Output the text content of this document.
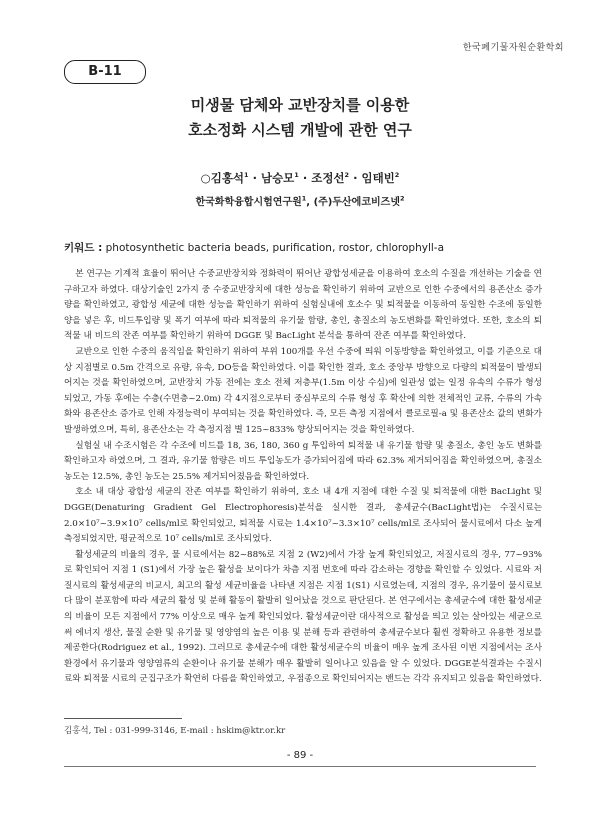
한국폐기물자원순환학회
B-11
미생물 담체와 교반장치를 이용한
호소정화 시스템 개발에 관한 연구
○김홍석$^1$ · 남승모$^1$ · 조정선$^2$ · 임태빈$^2$
한국화학융합시험연구원$^1$, (주)두산에코비즈넷$^2$
키워드 : photosynthetic bacteria beads, purification, rostor, chlorophyll-a

본 연구는 기계적 효율이 뛰어난 수중교반장치와 정화력이 뛰어난 광합성세균을 이용하여 호소의 수질을 개선하는 기술을 연구하고자 하였다. 대상기술인 2가지 중 수중교반장치에 대한 성능을 확인하기 위하여 교반으로 인한 수중에서의 용존산소 증가량을 확인하였고, 광합성 세균에 대한 성능을 확인하기 위하여 실험실내에 호소수 및 퇴적물을 이동하여 동일한 수조에 동일한 양을 넣은 후, 비드투입량 및 폭기 여부에 따라 퇴적물의 유기물 함량, 총인, 총질소의 농도변화를 확인하였다. 또한, 호소의 퇴적물 내 비드의 잔존 여부를 확인하기 위하여 DGGE 및 BacLight 분석을 통하여 잔존 여부를 확인하였다.

교반으로 인한 수중의 움직임을 확인하기 위하여 부위 100개를 우선 수중에 띄워 이동방향을 확인하였고, 이를 기준으로 대상 지점별로 0.5m 간격으로 유량, 유속, DO등을 확인하였다. 이를 확인한 결과, 호소 중앙부 방향으로 다량의 퇴적물이 발생되어지는 것을 확인하였으며, 교반장치 가동 전에는 호소 전체 저층부(1.5m 이상 수심)에 일관성 없는 일정 유속의 수류가 형성되었고, 가동 후에는 수층(수면층~2.0m) 각 4지점으로부터 중심부로의 수류 형성 후 확산에 의한 전체적인 교류, 수류의 가속화와 용존산소 증가로 인해 자정능력이 부여되는 것을 확인하였다. 즉, 모든 측정 지점에서 클로로필-a 및 용존산소 값의 변화가 발생하였으며, 특히, 용존산소는 각 측정지점 별 125~833% 향상되어지는 것을 확인하였다.

실험실 내 수조시험은 각 수조에 비드를 18, 36, 180, 360 g 투입하여 퇴적물 내 유기물 함량 및 총질소, 총인 농도 변화를 확인하고자 하였으며, 그 결과, 유기물 함량은 비드 투입농도가 증가되어짐에 따라 62.3% 제거되어짐을 확인하였으며, 총질소 농도는 12.5%, 총인 농도는 25.5% 제거되어졌음을 확인하였다.

호소 내 대상 광합성 세균의 잔존 여부를 확인하기 위하여, 호소 내 4개 지점에 대한 수질 및 퇴적물에 대한 BacLight 및 DGGE(Denaturing Gradient Gel Electrophoresis)분석을 실시한 결과, 총세균수(BacLight법)는 수질시료는 2.0×10⁷~3.9×10⁷ cells/ml로 확인되었고, 퇴적물 시료는 1.4×10⁷~3.3×10⁷ cells/ml로 조사되어 물시료에서 다소 높게 측정되었지만, 평균적으로 10⁷ cells/ml로 조사되었다.

활성세균의 비율의 경우, 물 시료에서는 82~88%로 지점 2 (W2)에서 가장 높게 확인되었고, 저질시료의 경우, 77~93%로 확인되어 지점 1 (S1)에서 가장 높은 활성을 보이다가 차츰 지점 번호에 따라 감소하는 경향을 확인할 수 있었다. 시료와 저질시료의 활성세균의 비교시, 최고의 활성 세균비율을 나타낸 지점은 지점 1(S1) 시료였는데, 지점의 경우, 유기물이 물시료보다 많이 분포함에 따라 세균의 활성 및 분해 활동이 활발히 일어났을 것으로 판단된다. 본 연구에서는 총세균수에 대한 활성세균의 비율이 모든 지점에서 77% 이상으로 매우 높게 확인되었다. 활성세균이란 대사적으로 활성을 띄고 있는 살아있는 세균으로써 에너지 생산, 물질 순환 및 유기물 및 영양염의 높은 이용 및 분해 등과 관련하여 총세균수보다 훨씬 정확하고 유용한 정보를 제공한다(Rodriguez et al., 1992). 그러므로 총세균수에 대한 활성세균수의 비율이 매우 높게 조사된 이번 지점에서는 조사 환경에서 유기물과 영양염류의 순환이나 유기물 분해가 매우 활발히 일어나고 있음을 알 수 있었다. DGGE분석결과는 수질시료와 퇴적물 시료의 군집구조가 확연히 다름을 확인하였고, 우점종으로 확인되어지는 밴드는 각각 유지되고 있음을 확인하였다.

김홍석, Tel : 031-999-3146, E-mail : hskim@ktr.or.kr
- 89 -
